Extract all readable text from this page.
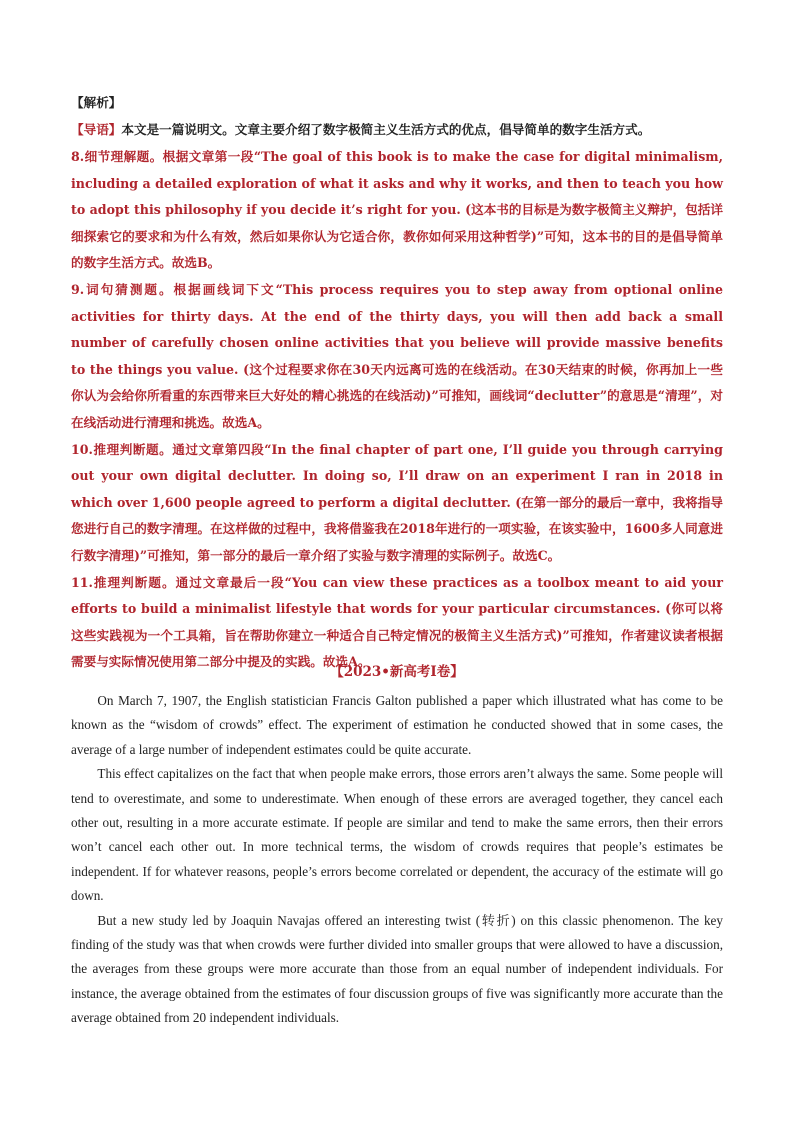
【解析】

【导语】本文是一篇说明文。文章主要介绍了数字极简主义生活方式的优点，倡导简单的数字生活方式。

8.细节理解题。根据文章第一段“The goal of this book is to make the case for digital minimalism, including a detailed exploration of what it asks and why it works, and then to teach you how to adopt this philosophy if you decide it’s right for you. (这本书的目标是为数字极简主义辩护，包括详细探索它的要求和为什么有效，然后如果你认为它适合你，教你如何采用这种哲学)”可知，这本书的目的是倡导简单的数字生活方式。故选B。

9.词句猜测题。根据画线词下文“This process requires you to step away from optional online activities for thirty days. At the end of the thirty days, you will then add back a small number of carefully chosen online activities that you believe will provide massive benefits to the things you value. (这个过程要求你在30天内远离可选的在线活动。在30天结束的时候，你再加上一些你认为会给你所看重的东西带来巨大好处的精心挑选的在线活动)”可推知，画线词“declutter”的意思是“清理”，对在线活动进行清理和挑选。故选A。

10.推理判断题。通过文章第四段“In the final chapter of part one, I’ll guide you through carrying out your own digital declutter. In doing so, I’ll draw on an experiment I ran in 2018 in which over 1,600 people agreed to perform a digital declutter. (在第一部分的最后一章中，我将指导您进行自己的数字清理。在这样做的过程中，我将借鉴我在2018年进行的一项实验，在该实验中，1600多人同意进行数字清理)”可推知，第一部分的最后一章介绍了实验与数字清理的实际例子。故选C。

11.推理判断题。通过文章最后一段“You can view these practices as a toolbox meant to aid your efforts to build a minimalist lifestyle that words for your particular circumstances. (你可以将这些实践视为一个工具箱，旨在帮助你建立一种适合自己特定情况的极简主义生活方式)”可推知，作者建议读者根据需要与实际情况使用第二部分中提及的实践。故选A。

【2023•新高考I卷】

On March 7, 1907, the English statistician Francis Galton published a paper which illustrated what has come to be known as the “wisdom of crowds” effect. The experiment of estimation he conducted showed that in some cases, the average of a large number of independent estimates could be quite accurate.

This effect capitalizes on the fact that when people make errors, those errors aren’t always the same. Some people will tend to overestimate, and some to underestimate. When enough of these errors are averaged together, they cancel each other out, resulting in a more accurate estimate. If people are similar and tend to make the same errors, then their errors won’t cancel each other out. In more technical terms, the wisdom of crowds requires that people’s estimates be independent. If for whatever reasons, people’s errors become correlated or dependent, the accuracy of the estimate will go down.

But a new study led by Joaquin Navajas offered an interesting twist (转折) on this classic phenomenon. The key finding of the study was that when crowds were further divided into smaller groups that were allowed to have a discussion, the averages from these groups were more accurate than those from an equal number of independent individuals. For instance, the average obtained from the estimates of four discussion groups of five was significantly more accurate than the average obtained from 20 independent individuals.
